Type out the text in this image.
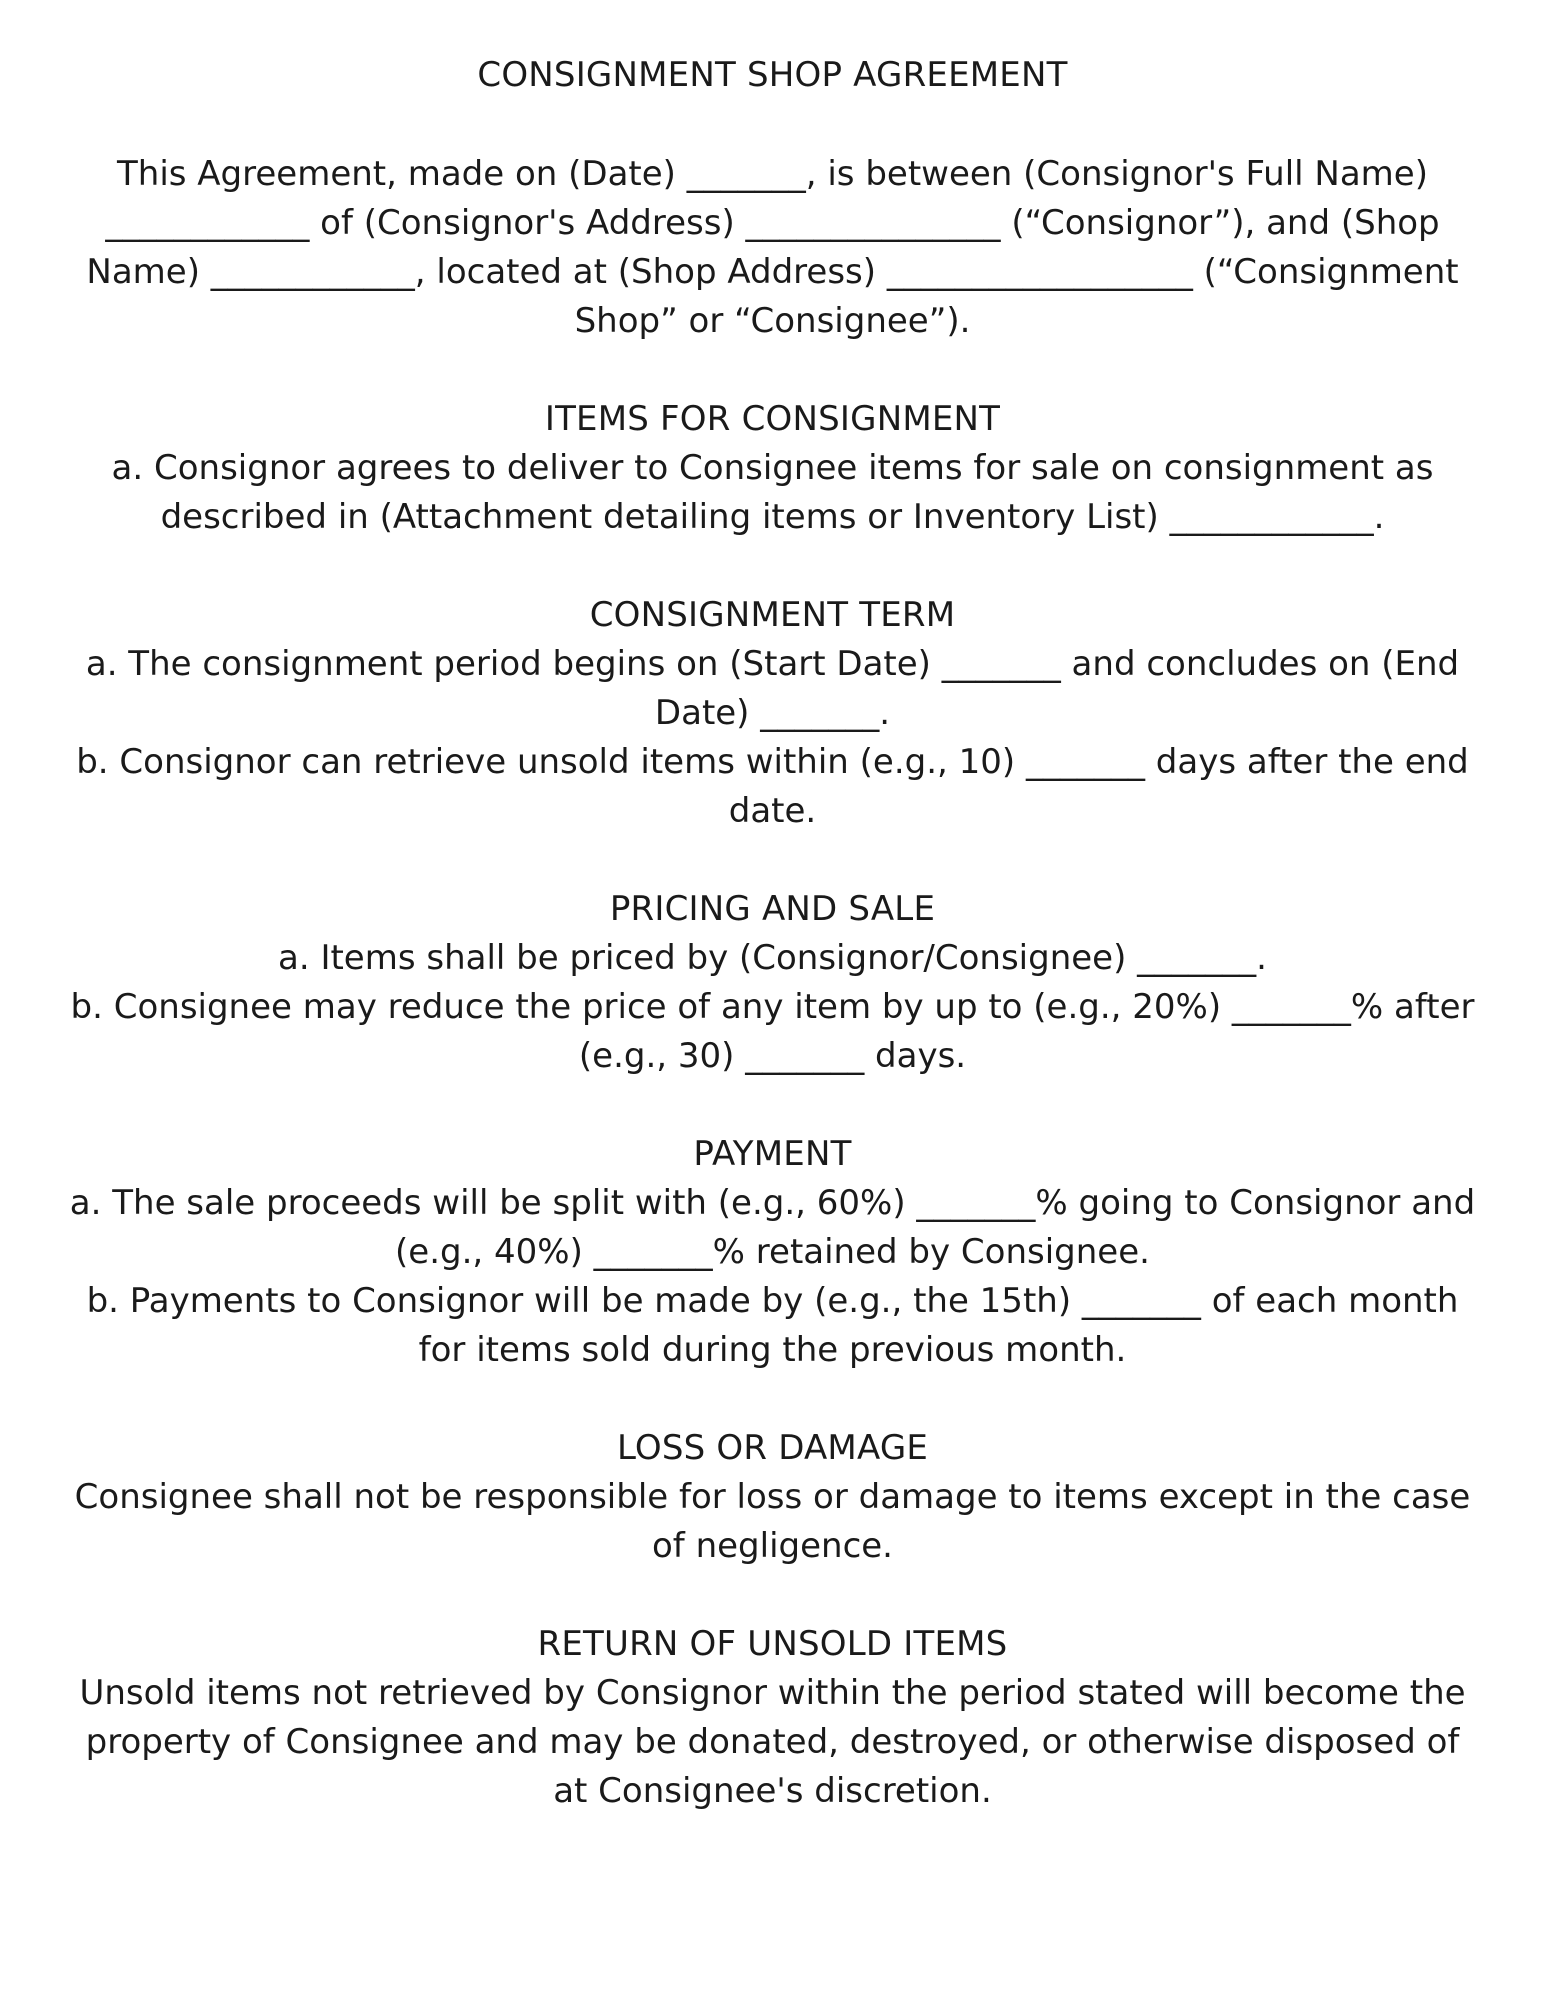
CONSIGNMENT SHOP AGREEMENT

This Agreement, made on (Date) _______, is between (Consignor's Full Name) ____________ of (Consignor's Address) _______________ (“Consignor”), and (Shop Name) ____________, located at (Shop Address) __________________ (“Consignment Shop” or “Consignee”).

ITEMS FOR CONSIGNMENT

a. Consignor agrees to deliver to Consignee items for sale on consignment as described in (Attachment detailing items or Inventory List) ____________.

CONSIGNMENT TERM

a. The consignment period begins on (Start Date) _______ and concludes on (End Date) _______.

b. Consignor can retrieve unsold items within (e.g., 10) _______ days after the end date.

PRICING AND SALE

a. Items shall be priced by (Consignor/Consignee) _______.

b. Consignee may reduce the price of any item by up to (e.g., 20%) _______% after (e.g., 30) _______ days.

PAYMENT

a. The sale proceeds will be split with (e.g., 60%) _______% going to Consignor and (e.g., 40%) _______% retained by Consignee.

b. Payments to Consignor will be made by (e.g., the 15th) _______ of each month for items sold during the previous month.

LOSS OR DAMAGE

Consignee shall not be responsible for loss or damage to items except in the case of negligence.

RETURN OF UNSOLD ITEMS

Unsold items not retrieved by Consignor within the period stated will become the property of Consignee and may be donated, destroyed, or otherwise disposed of at Consignee's discretion.
